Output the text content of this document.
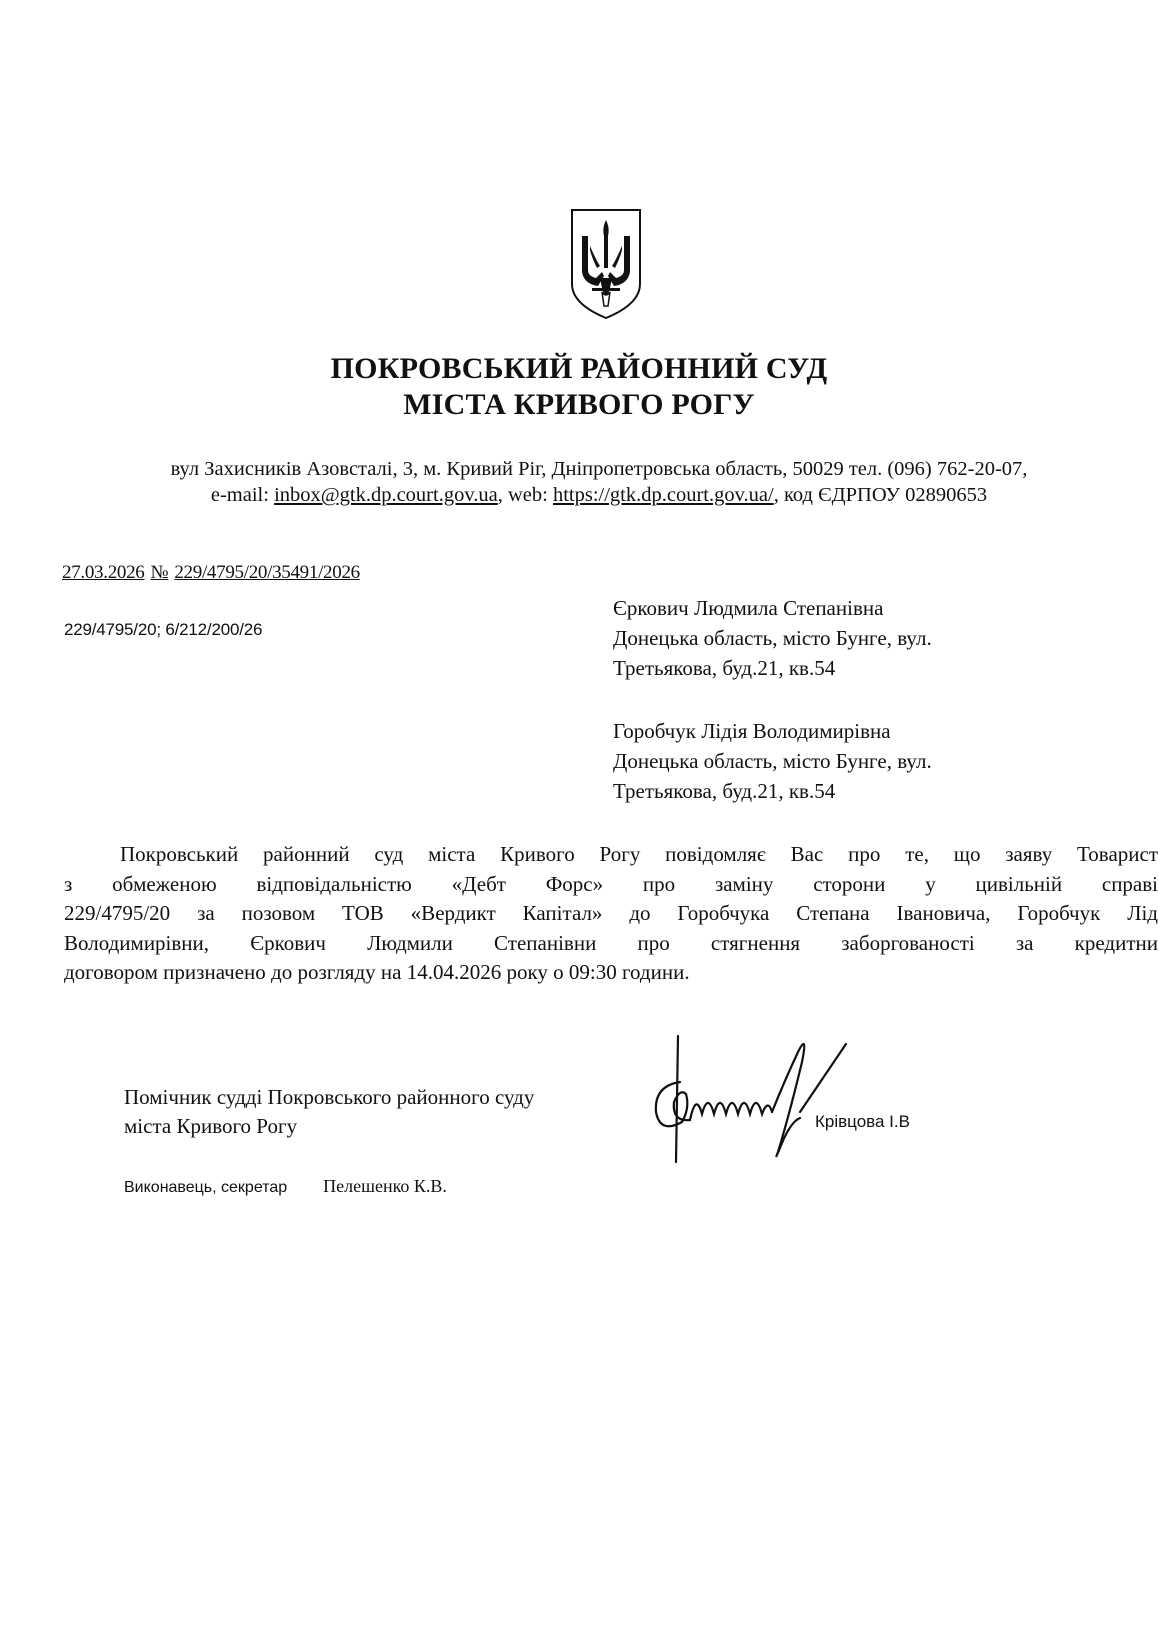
ПОКРОВСЬКИЙ РАЙОННИЙ СУД
МІСТА КРИВОГО РОГУ
вул Захисників Азовсталі, 3, м. Кривий Ріг, Дніпропетровська область, 50029 тел. (096) 762-20-07,
e-mail: inbox@gtk.dp.court.gov.ua, web: https://gtk.dp.court.gov.ua/, код ЄДРПОУ 02890653
27.03.2026 № 229/4795/20/35491/2026
229/4795/20; 6/212/200/26
Єркович Людмила Степанівна
Донецька область, місто Бунге, вул.
Третьякова, буд.21, кв.54
Горобчук Лідія Володимирівна
Донецька область, місто Бунге, вул.
Третьякова, буд.21, кв.54
Покровський районний суд міста Кривого Рогу повідомляє Вас про те, що заяву Товарист
з обмеженою відповідальністю «Дебт Форс» про заміну сторони у цивільній справі
229/4795/20 за позовом ТОВ «Вердикт Капітал» до Горобчука Степана Івановича, Горобчук Лід
Володимирівни, Єркович Людмили Степанівни про стягнення заборгованості за кредитни
договором призначено до розгляду на 14.04.2026 року о 09:30 години.
Помічник судді Покровського районного суду
міста Кривого Рогу	Крівцова І.В
Виконавець, секретар Пелешенко К.В.
